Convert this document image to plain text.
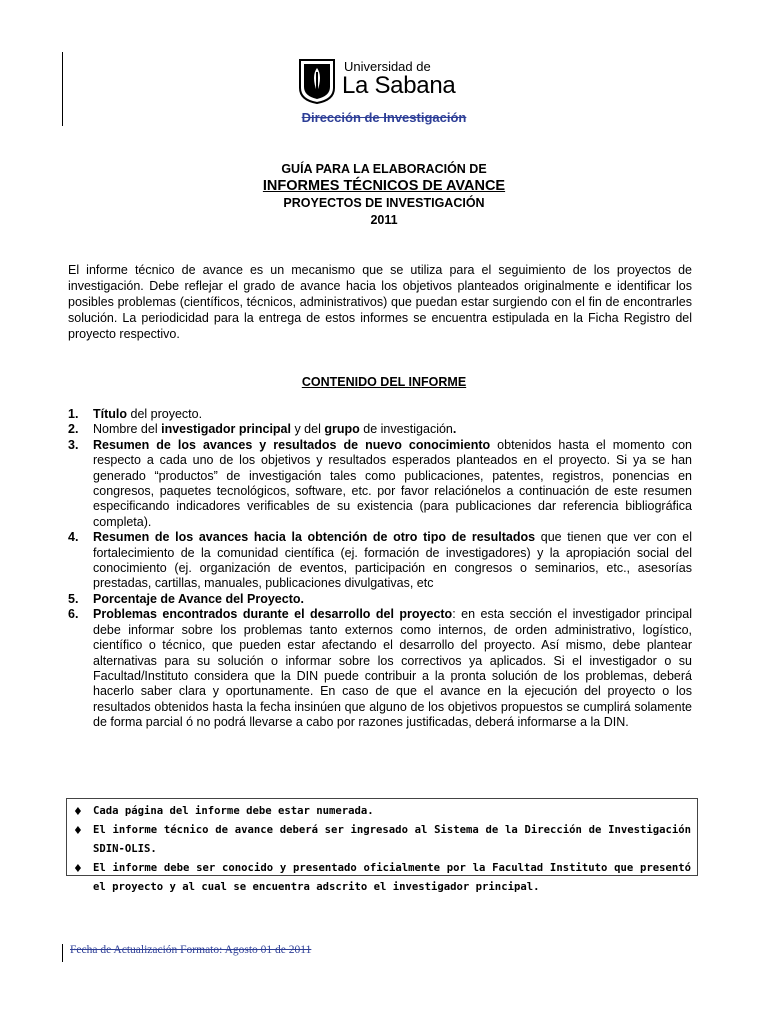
Universidad de
La Sabana
Dirección de Investigación
GUÍA PARA LA ELABORACIÓN DE
INFORMES TÉCNICOS DE AVANCE
PROYECTOS DE INVESTIGACIÓN
2011

El informe técnico de avance es un mecanismo que se utiliza para el seguimiento de los proyectos de investigación. Debe reflejar el grado de avance hacia los objetivos planteados originalmente e identificar los posibles problemas (científicos, técnicos, administrativos) que puedan estar surgiendo con el fin de encontrarles solución. La periodicidad para la entrega de estos informes se encuentra estipulada en la Ficha Registro del proyecto respectivo.

CONTENIDO DEL INFORME
1. Título del proyecto.
2. Nombre del investigador principal y del grupo de investigación.
3. Resumen de los avances y resultados de nuevo conocimiento obtenidos hasta el momento con respecto a cada uno de los objetivos y resultados esperados planteados en el proyecto. Si ya se han generado “productos” de investigación tales como publicaciones, patentes, registros, ponencias en congresos, paquetes tecnológicos, software, etc. por favor relaciónelos a continuación de este resumen especificando indicadores verificables de su existencia (para publicaciones dar referencia bibliográfica completa).
4. Resumen de los avances hacia la obtención de otro tipo de resultados que tienen que ver con el fortalecimiento de la comunidad científica (ej. formación de investigadores) y la apropiación social del conocimiento (ej. organización de eventos, participación en congresos o seminarios, etc., asesorías prestadas, cartillas, manuales, publicaciones divulgativas, etc
5. Porcentaje de Avance del Proyecto.
6. Problemas encontrados durante el desarrollo del proyecto: en esta sección el investigador principal debe informar sobre los problemas tanto externos como internos, de orden administrativo, logístico, científico o técnico, que pueden estar afectando el desarrollo del proyecto. Así mismo, debe plantear alternativas para su solución o informar sobre los correctivos ya aplicados. Si el investigador o su Facultad/Instituto considera que la DIN puede contribuir a la pronta solución de los problemas, deberá hacerlo saber clara y oportunamente. En caso de que el avance en la ejecución del proyecto o los resultados obtenidos hasta la fecha insinúen que alguno de los objetivos propuestos se cumplirá solamente de forma parcial ó no podrá llevarse a cabo por razones justificadas, deberá informarse a la DIN.
♦ Cada página del informe debe estar numerada.
♦ El informe técnico de avance deberá ser ingresado al Sistema de la Dirección de Investigación SDIN-OLIS.
♦ El informe debe ser conocido y presentado oficialmente por la Facultad Instituto que presentó el proyecto y al cual se encuentra adscrito el investigador principal.
Fecha de Actualización Formato: Agosto 01 de 2011
